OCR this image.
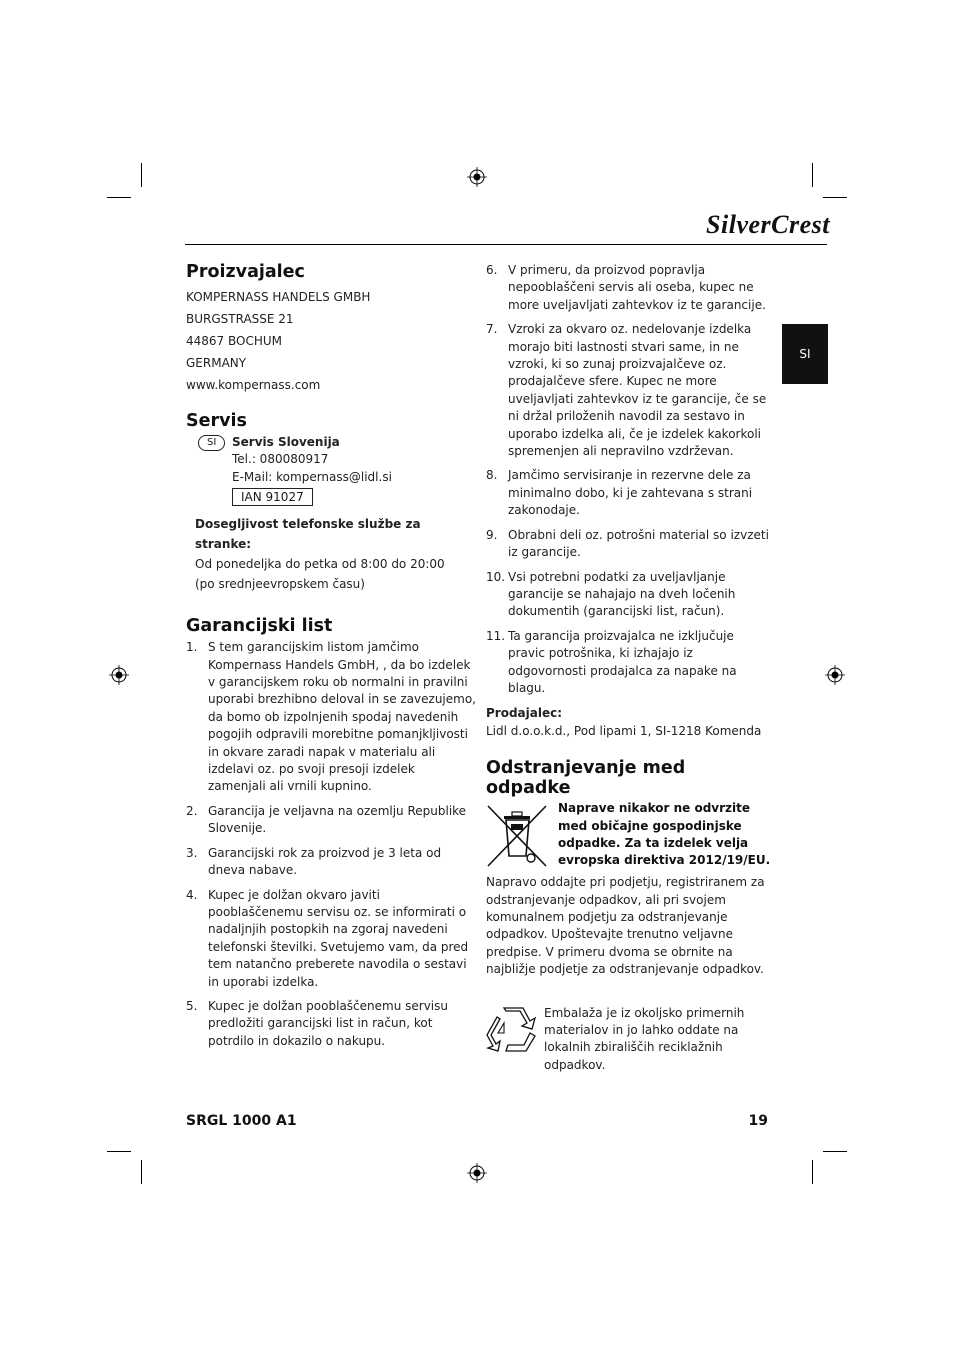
SilverCrest
SI
Proizvajalec

KOMPERNASS HANDELS GMBH

BURGSTRASSE 21

44867 BOCHUM

GERMANY

www.kompernass.com

Servis
SI	Servis Slovenija
Tel.: 080080917
E-Mail: kompernass@lidl.si
IAN 91027
Dosegljivost telefonske službe za stranke:
Od ponedeljka do petka od 8:00 do 20:00
(po srednjeevropskem času)
Garancijski list
1. S tem garancijskim listom jamčimo Kompernass Handels GmbH, , da bo izdelek v garancijskem roku ob normalni in pravilni uporabi brezhibno deloval in se zavezujemo, da bomo ob izpolnjenih spodaj navedenih pogojih odpravili morebitne pomanjkljivosti in okvare zaradi napak v materialu ali izdelavi oz. po svoji presoji izdelek zamenjali ali vrnili kupnino.
2. Garancija je veljavna na ozemlju Republike Slovenije.
3. Garancijski rok za proizvod je 3 leta od dneva nabave.
4. Kupec je dolžan okvaro javiti pooblaščenemu servisu oz. se informirati o nadaljnjih postopkih na zgoraj navedeni telefonski številki. Svetujemo vam, da pred tem natančno preberete navodila o sestavi in uporabi izdelka.
5. Kupec je dolžan pooblaščenemu servisu predložiti garancijski list in račun, kot potrdilo in dokazilo o nakupu.
6. V primeru, da proizvod popravlja nepooblaščeni servis ali oseba, kupec ne more uveljavljati zahtevkov iz te garancije.
7. Vzroki za okvaro oz. nedelovanje izdelka morajo biti lastnosti stvari same, in ne vzroki, ki so zunaj proizvajalčeve oz. prodajalčeve sfere. Kupec ne more uveljavljati zahtevkov iz te garancije, če se ni držal priloženih navodil za sestavo in uporabo izdelka ali, če je izdelek kakorkoli spremenjen ali nepravilno vzdrževan.
8. Jamčimo servisiranje in rezervne dele za minimalno dobo, ki je zahtevana s strani zakonodaje.
9. Obrabni deli oz. potrošni material so izvzeti iz garancije.
10. Vsi potrebni podatki za uveljavljanje garancije se nahajajo na dveh ločenih dokumentih (garancijski list, račun).
11. Ta garancija proizvajalca ne izključuje pravic potrošnika, ki izhajajo iz odgovornosti prodajalca za napake na blagu.
Prodajalec:
Lidl d.o.o.k.d., Pod lipami 1, SI-1218 Komenda
Odstranjevanje med odpadke
Naprave nikakor ne odvrzite med običajne gospodinjske odpadke. Za ta izdelek velja evropska direktiva 2012/19/EU.
Napravo oddajte pri podjetju, registriranem za odstranjevanje odpadkov, ali pri svojem komunalnem podjetju za odstranjevanje odpadkov. Upoštevajte trenutno veljavne predpise. V primeru dvoma se obrnite na najbližje podjetje za odstranjevanje odpadkov.
Embalaža je iz okoljsko primernih materialov in jo lahko oddate na lokalnih zbirališčih reciklažnih odpadkov.
SRGL 1000 A1	19
